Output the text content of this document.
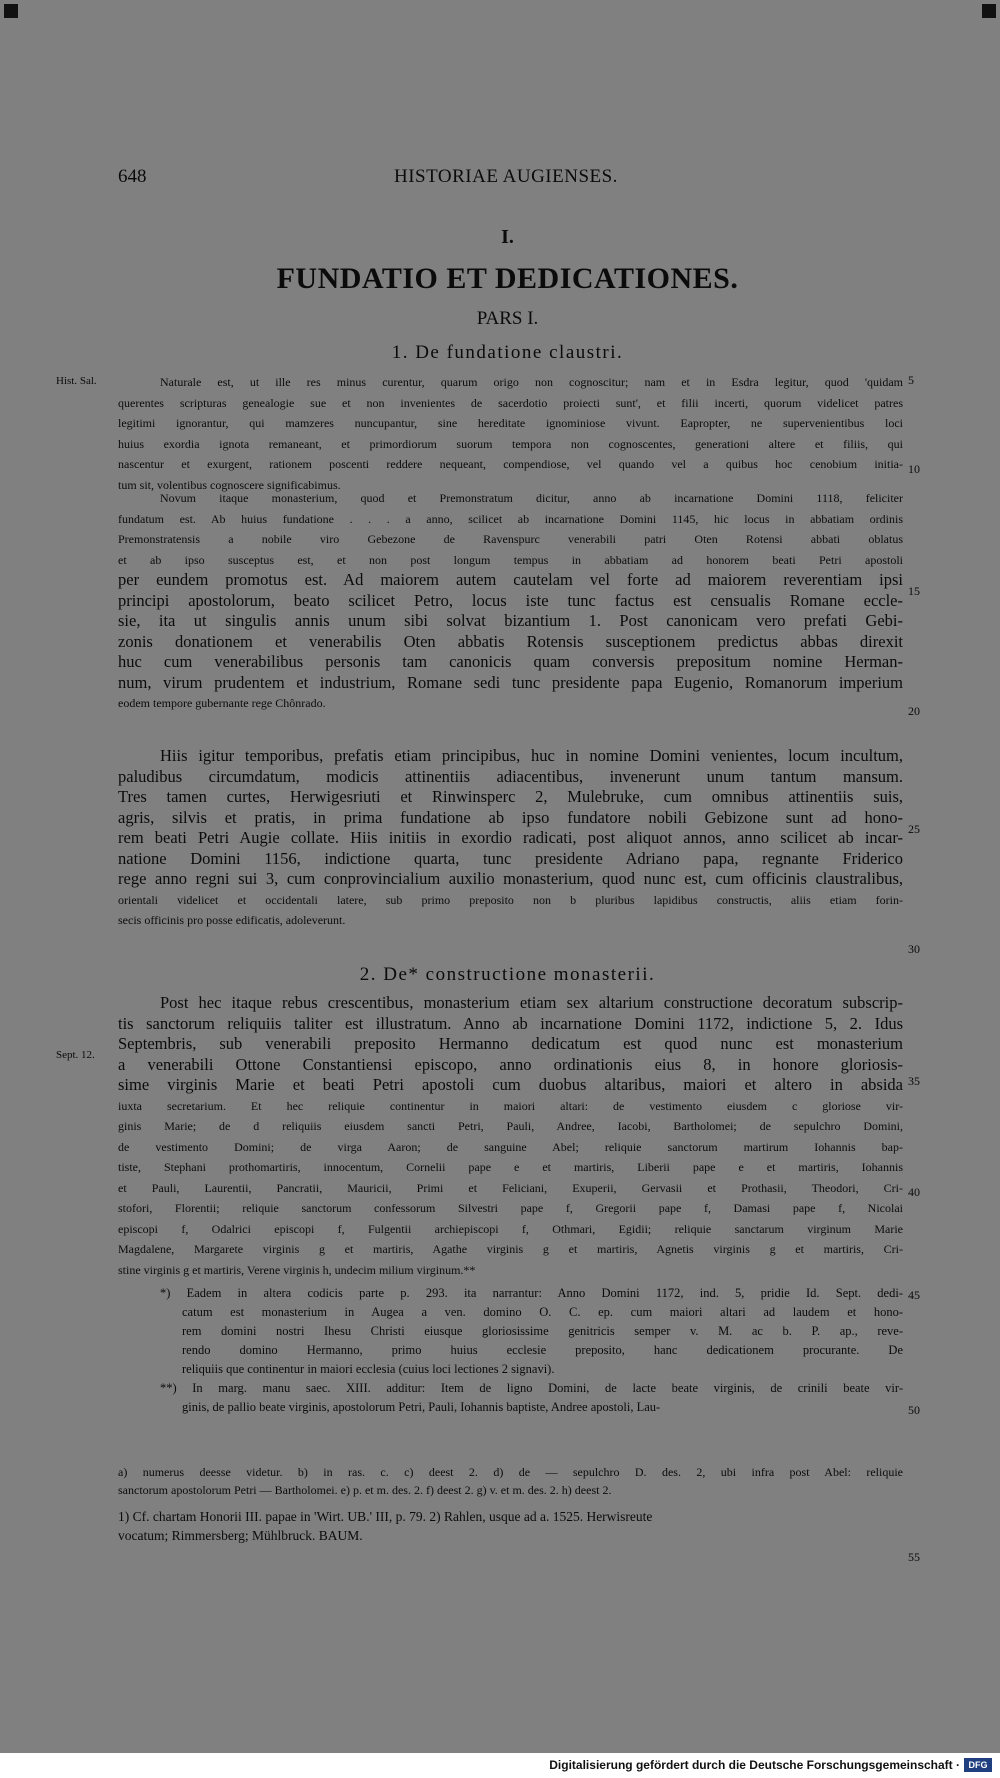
648	HISTORIAE AUGIENSES.
I.
FUNDATIO ET DEDICATIONES.
PARS I.
1. De fundatione claustri.
Hist. Sal.	Naturale est, ut ille res minus curentur, quarum origo non cognoscitur; nam et in Esdra legitur, quod 'quidam
querentes scripturas genealogie sue et non invenientes de sacerdotio proiecti sunt', et filii incerti, quorum videlicet patres
legitimi ignorantur, qui mamzeres nuncupantur, sine hereditate ignominiose vivunt. Eapropter, ne supervenientibus loci
huius exordia ignota remaneant, et primordiorum suorum tempora non cognoscentes, generationi altere et filiis, qui
nascentur et exurgent, rationem poscenti reddere nequeant, compendiose, vel quando vel a quibus hoc cenobium initia-
tum sit, volentibus cognoscere significabimus.
Novum itaque monasterium, quod et Premonstratum dicitur, anno ab incarnatione Domini 1118, feliciter
fundatum est. Ab huius fundatione . . . a anno, scilicet ab incarnatione Domini 1145, hic locus in abbatiam ordinis
Premonstratensis a nobile viro Gebezone de Ravenspurc venerabili patri Oten Rotensi abbati oblatus
et ab ipso susceptus est, et non post longum tempus in abbatiam ad honorem beati Petri apostoli
per eundem promotus est. Ad maiorem autem cautelam vel forte ad maiorem reverentiam ipsi
principi apostolorum, beato scilicet Petro, locus iste tunc factus est censualis Romane eccle-
sie, ita ut singulis annis unum sibi solvat bizantium 1. Post canonicam vero prefati Gebi-
zonis donationem et venerabilis Oten abbatis Rotensis susceptionem predictus abbas direxit
huc cum venerabilibus personis tam canonicis quam conversis prepositum nomine Herman-
num, virum prudentem et industrium, Romane sedi tunc presidente papa Eugenio, Romanorum imperium
eodem tempore gubernante rege Chônrado.
Hiis igitur temporibus, prefatis etiam principibus, huc in nomine Domini venientes, locum incultum,
paludibus circumdatum, modicis attinentiis adiacentibus, invenerunt unum tantum mansum.
Tres tamen curtes, Herwigesriuti et Rinwinsperc 2, Mulebruke, cum omnibus attinentiis suis,
agris, silvis et pratis, in prima fundatione ab ipso fundatore nobili Gebizone sunt ad hono-
rem beati Petri Augie collate. Hiis initiis in exordio radicati, post aliquot annos, anno scilicet ab incar-
natione Domini 1156, indictione quarta, tunc presidente Adriano papa, regnante Friderico
rege anno regni sui 3, cum conprovincialium auxilio monasterium, quod nunc est, cum officinis claustralibus,
orientali videlicet et occidentali latere, sub primo preposito non b pluribus lapidibus constructis, aliis etiam forin-
secis officinis pro posse edificatis, adoleverunt.
2. De* constructione monasterii.
Sept. 12.
Post hec itaque rebus crescentibus, monasterium etiam sex altarium constructione decoratum subscrip-
tis sanctorum reliquiis taliter est illustratum. Anno ab incarnatione Domini 1172, indictione 5, 2. Idus
Septembris, sub venerabili preposito Hermanno dedicatum est quod nunc est monasterium
a venerabili Ottone Constantiensi episcopo, anno ordinationis eius 8, in honore gloriosis-
sime virginis Marie et beati Petri apostoli cum duobus altaribus, maiori et altero in absida
iuxta secretarium. Et hec reliquie continentur in maiori altari: de vestimento eiusdem c gloriose vir-
ginis Marie; de d reliquiis eiusdem sancti Petri, Pauli, Andree, Iacobi, Bartholomei; de sepulchro Domini,
de vestimento Domini; de virga Aaron; de sanguine Abel; reliquie sanctorum martirum Iohannis bap-
tiste, Stephani prothomartiris, innocentum, Cornelii pape e et martiris, Liberii pape e et martiris, Iohannis
et Pauli, Laurentii, Pancratii, Mauricii, Primi et Feliciani, Exuperii, Gervasii et Prothasii, Theodori, Cri-
stofori, Florentii; reliquie sanctorum confessorum Silvestri pape f, Gregorii pape f, Damasi pape f, Nicolai
episcopi f, Odalrici episcopi f, Fulgentii archiepiscopi f, Othmari, Egidii; reliquie sanctarum virginum Marie
Magdalene, Margarete virginis g et martiris, Agathe virginis g et martiris, Agnetis virginis g et martiris, Cri-
stine virginis g et martiris, Verene virginis h, undecim milium virginum.**
*) Eadem in altera codicis parte p. 293. ita narrantur: Anno Domini 1172, ind. 5, pridie Id. Sept. dedi-
catum est monasterium in Augea a ven. domino O. C. ep. cum maiori altari ad laudem et hono-
rem domini nostri Ihesu Christi eiusque gloriosissime genitricis semper v. M. ac b. P. ap., reve-
rendo domino Hermanno, primo huius ecclesie preposito, hanc dedicationem procurante. De
reliquiis que continentur in maiori ecclesia (cuius loci lectiones 2 signavi).
**) In marg. manu saec. XIII. additur: Item de ligno Domini, de lacte beate virginis, de crinili beate vir-
ginis, de pallio beate virginis, apostolorum Petri, Pauli, Iohannis baptiste, Andree apostoli, Lau-
a) numerus deesse videtur. b) in ras. c. c) deest 2. d) de — sepulchro D. des. 2, ubi infra post Abel: reliquie
sanctorum apostolorum Petri — Bartholomei. e) p. et m. des. 2. f) deest 2. g) v. et m. des. 2. h) deest 2.
1) Cf. chartam Honorii III. papae in 'Wirt. UB.' III, p. 79. 2) Rahlen, usque ad a. 1525. Herwisreute
vocatum; Rimmersberg; Mühlbruck. BAUM.
5
10
15
20
25
30
35
40
45
50
55
Digitalisierung gefördert durch die Deutsche Forschungsgemeinschaft · DFG
